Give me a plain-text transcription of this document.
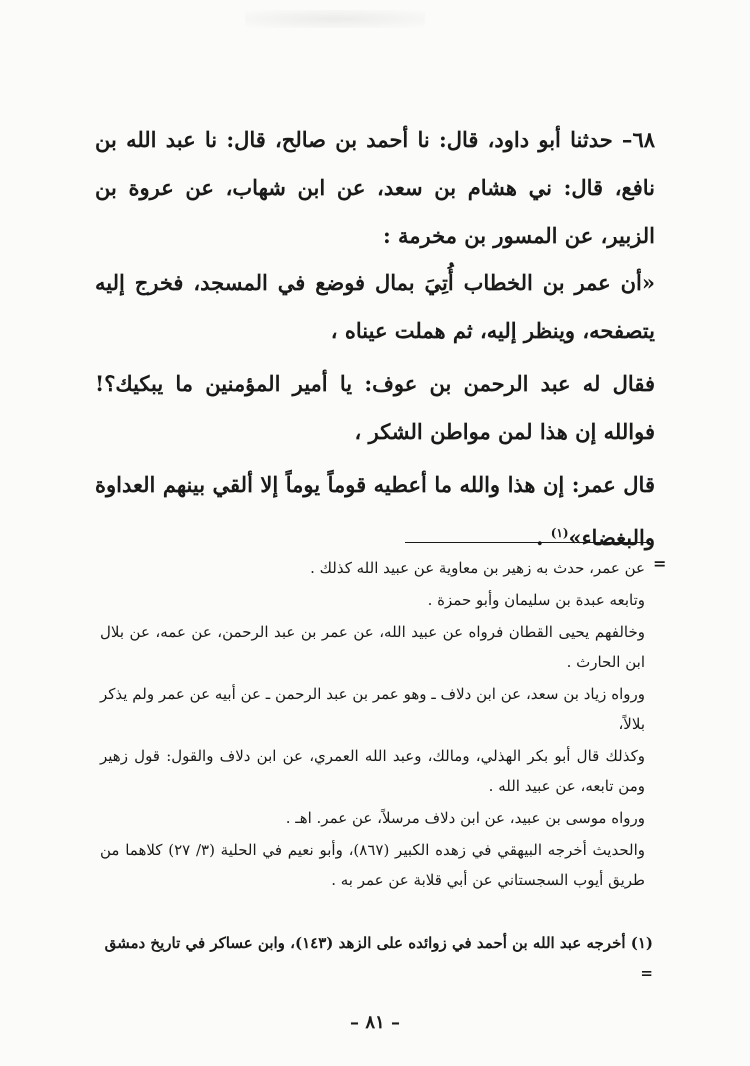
٦٨– حدثنا أبو داود، قال: نا أحمد بن صالح، قال: نا عبد الله بن نافع، قال: ني هشام بن سعد، عن ابن شهاب، عن عروة بن الزبير، عن المسور بن مخرمة :

«أن عمر بن الخطاب أُتِيَ بمال فوضع في المسجد، فخرج إليه يتصفحه، وينظر إليه، ثم هملت عيناه ،

فقال له عبد الرحمن بن عوف: يا أمير المؤمنين ما يبكيك؟! فوالله إن هذا لمن مواطن الشكر ،

قال عمر: إن هذا والله ما أعطيه قوماً يوماً إلا ألقي بينهم العداوة والبغضاء»$^{(١)}$ .

=

عن عمر، حدث به زهير بن معاوية عن عبيد الله كذلك .

وتابعه عبدة بن سليمان وأبو حمزة .

وخالفهم يحيى القطان فرواه عن عبيد الله، عن عمر بن عبد الرحمن، عن عمه، عن بلال ابن الحارث .

ورواه زياد بن سعد، عن ابن دلاف ـ وهو عمر بن عبد الرحمن ـ عن أبيه عن عمر ولم يذكر بلالاً،

وكذلك قال أبو بكر الهذلي، ومالك، وعبد الله العمري، عن ابن دلاف والقول: قول زهير ومن تابعه، عن عبيد الله .

ورواه موسى بن عبيد، عن ابن دلاف مرسلاً، عن عمر. اهـ .

والحديث أخرجه البيهقي في زهده الكبير (٨٦٧)، وأبو نعيم في الحلية (٣/ ٢٧) كلاهما من طريق أيوب السجستاني عن أبي قلابة عن عمر به .

(١) أخرجه عبد الله بن أحمد في زوائده على الزهد (١٤٣)، وابن عساكر في تاريخ دمشق =
– ٨١ –
